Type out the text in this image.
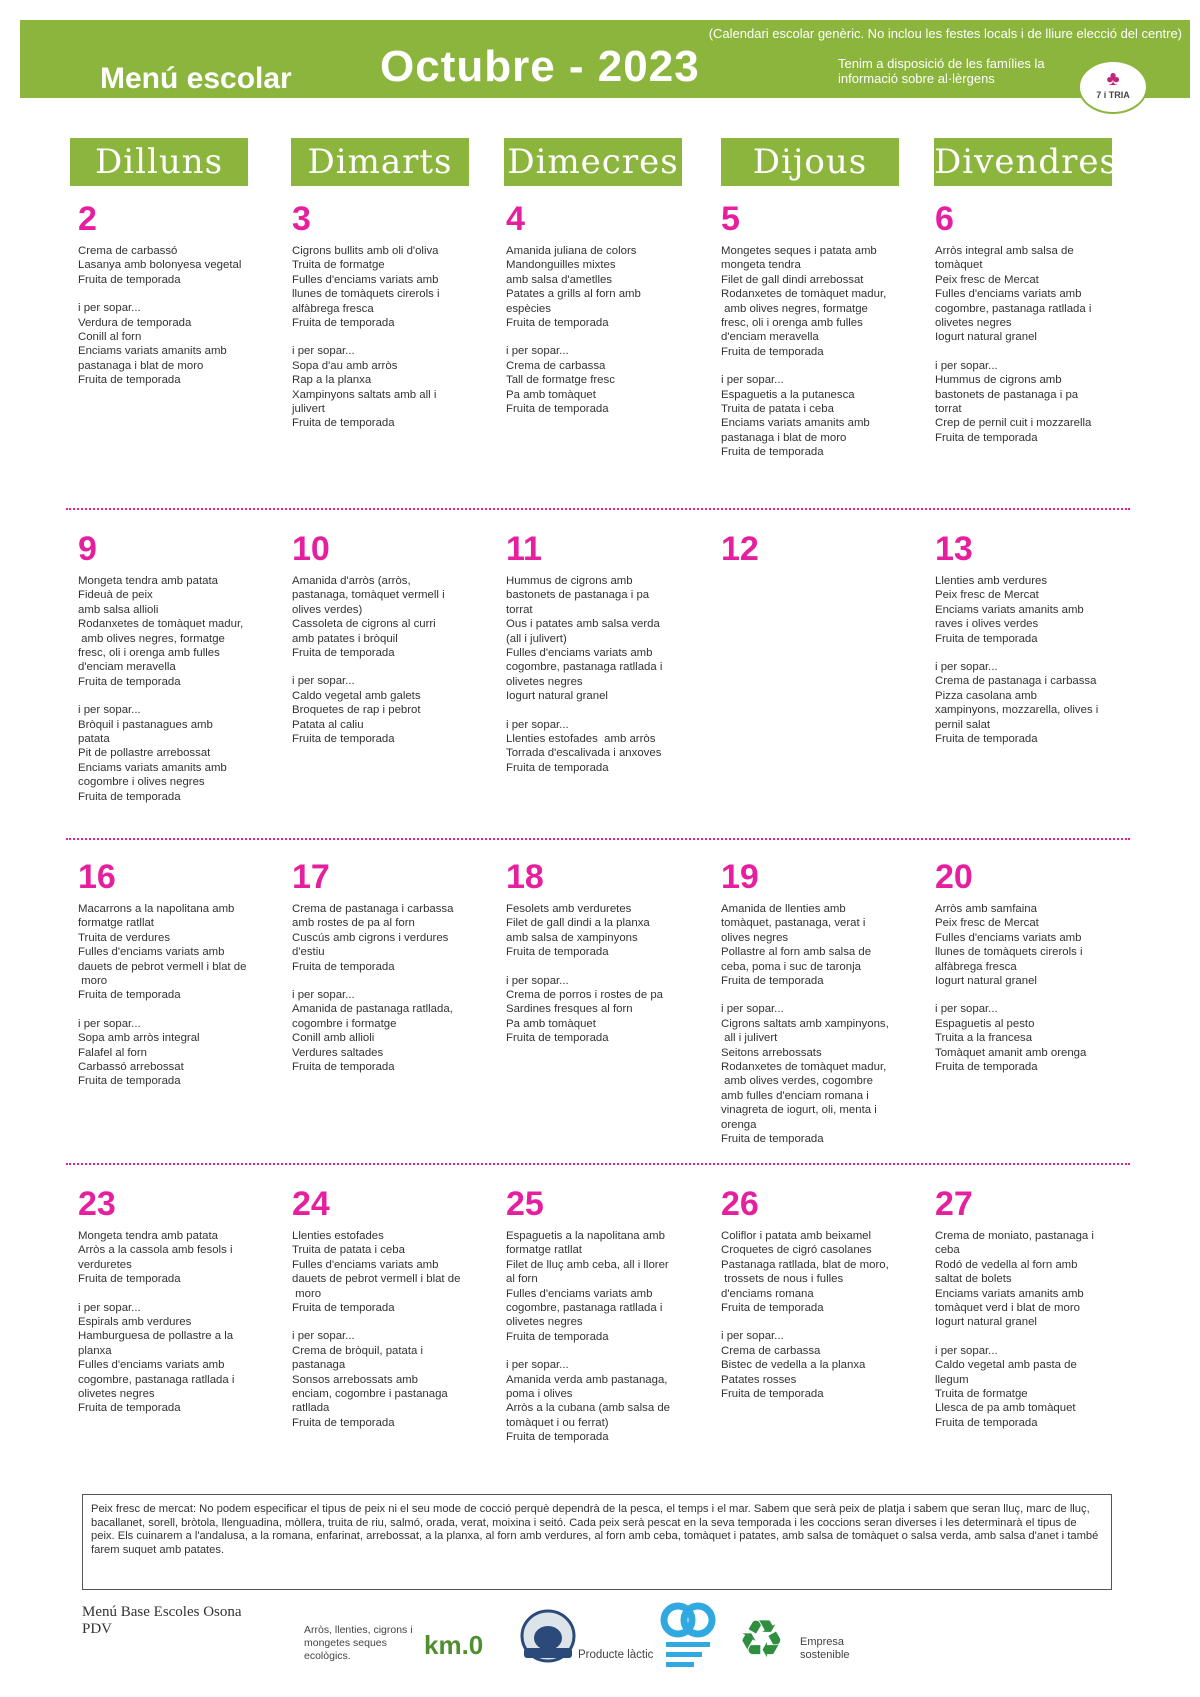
(Calendari escolar genèric. No inclou les festes locals i de lliure elecció del centre)
Menú escolar Octubre - 2023	Tenim a disposició de les famílies la informació sobre al·lèrgens	♣
7 i TRIA
Dilluns	Dimarts	Dimecres	Dijous	Divendres
2
Crema de carbassó
Lasanya amb bolonyesa vegetal
Fruita de temporada
i per sopar...
Verdura de temporada
Conill al forn
Enciams variats amanits amb
pastanaga i blat de moro
Fruita de temporada
3
Cigrons bullits amb oli d'oliva
Truita de formatge
Fulles d'enciams variats amb
llunes de tomàquets cirerols i
alfàbrega fresca
Fruita de temporada
i per sopar...
Sopa d'au amb arròs
Rap a la planxa
Xampinyons saltats amb all i
julivert
Fruita de temporada
4
Amanida juliana de colors
Mandonguilles mixtes
amb salsa d'ametlles
Patates a grills al forn amb
espècies
Fruita de temporada
i per sopar...
Crema de carbassa
Tall de formatge fresc
Pa amb tomàquet
Fruita de temporada
5
Mongetes seques i patata amb
mongeta tendra
Filet de gall dindi arrebossat
Rodanxetes de tomàquet madur,
amb olives negres, formatge
fresc, oli i orenga amb fulles
d'enciam meravella
Fruita de temporada
i per sopar...
Espaguetis a la putanesca
Truita de patata i ceba
Enciams variats amanits amb
pastanaga i blat de moro
Fruita de temporada
6
Arròs integral amb salsa de
tomàquet
Peix fresc de Mercat
Fulles d'enciams variats amb
cogombre, pastanaga ratllada i
olivetes negres
Iogurt natural granel
i per sopar...
Hummus de cigrons amb
bastonets de pastanaga i pa
torrat
Crep de pernil cuit i mozzarella
Fruita de temporada
9
Mongeta tendra amb patata
Fideuà de peix
amb salsa allioli
Rodanxetes de tomàquet madur,
amb olives negres, formatge
fresc, oli i orenga amb fulles
d'enciam meravella
Fruita de temporada
i per sopar...
Bròquil i pastanagues amb
patata
Pit de pollastre arrebossat
Enciams variats amanits amb
cogombre i olives negres
Fruita de temporada
10
Amanida d'arròs (arròs,
pastanaga, tomàquet vermell i
olives verdes)
Cassoleta de cigrons al curri
amb patates i bròquil
Fruita de temporada
i per sopar...
Caldo vegetal amb galets
Broquetes de rap i pebrot
Patata al caliu
Fruita de temporada
11
Hummus de cigrons amb
bastonets de pastanaga i pa
torrat
Ous i patates amb salsa verda
(all i julivert)
Fulles d'enciams variats amb
cogombre, pastanaga ratllada i
olivetes negres
Iogurt natural granel
i per sopar...
Llenties estofades  amb arròs
Torrada d'escalivada i anxoves
Fruita de temporada
12	13
Llenties amb verdures
Peix fresc de Mercat
Enciams variats amanits amb
raves i olives verdes
Fruita de temporada
i per sopar...
Crema de pastanaga i carbassa
Pizza casolana amb
xampinyons, mozzarella, olives i
pernil salat
Fruita de temporada
16
Macarrons a la napolitana amb
formatge ratllat
Truita de verdures
Fulles d'enciams variats amb
dauets de pebrot vermell i blat de
moro
Fruita de temporada
i per sopar...
Sopa amb arròs integral
Falafel al forn
Carbassó arrebossat
Fruita de temporada
17
Crema de pastanaga i carbassa
amb rostes de pa al forn
Cuscús amb cigrons i verdures
d'estiu
Fruita de temporada
i per sopar...
Amanida de pastanaga ratllada,
cogombre i formatge
Conill amb allioli
Verdures saltades
Fruita de temporada
18
Fesolets amb verduretes
Filet de gall dindi a la planxa
amb salsa de xampinyons
Fruita de temporada
i per sopar...
Crema de porros i rostes de pa
Sardines fresques al forn
Pa amb tomàquet
Fruita de temporada
19
Amanida de llenties amb
tomàquet, pastanaga, verat i
olives negres
Pollastre al forn amb salsa de
ceba, poma i suc de taronja
Fruita de temporada
i per sopar...
Cigrons saltats amb xampinyons,
all i julivert
Seitons arrebossats
Rodanxetes de tomàquet madur,
amb olives verdes, cogombre
amb fulles d'enciam romana i
vinagreta de iogurt, oli, menta i
orenga
Fruita de temporada
20
Arròs amb samfaina
Peix fresc de Mercat
Fulles d'enciams variats amb
llunes de tomàquets cirerols i
alfàbrega fresca
Iogurt natural granel
i per sopar...
Espaguetis al pesto
Truita a la francesa
Tomàquet amanit amb orenga
Fruita de temporada
23
Mongeta tendra amb patata
Arròs a la cassola amb fesols i
verduretes
Fruita de temporada
i per sopar...
Espirals amb verdures
Hamburguesa de pollastre a la
planxa
Fulles d'enciams variats amb
cogombre, pastanaga ratllada i
olivetes negres
Fruita de temporada
24
Llenties estofades
Truita de patata i ceba
Fulles d'enciams variats amb
dauets de pebrot vermell i blat de
moro
Fruita de temporada
i per sopar...
Crema de bròquil, patata i
pastanaga
Sonsos arrebossats amb
enciam, cogombre i pastanaga
ratllada
Fruita de temporada
25
Espaguetis a la napolitana amb
formatge ratllat
Filet de lluç amb ceba, all i llorer
al forn
Fulles d'enciams variats amb
cogombre, pastanaga ratllada i
olivetes negres
Fruita de temporada
i per sopar...
Amanida verda amb pastanaga,
poma i olives
Arròs a la cubana (amb salsa de
tomàquet i ou ferrat)
Fruita de temporada
26
Coliflor i patata amb beixamel
Croquetes de cigró casolanes
Pastanaga ratllada, blat de moro,
trossets de nous i fulles
d'enciams romana
Fruita de temporada
i per sopar...
Crema de carbassa
Bistec de vedella a la planxa
Patates rosses
Fruita de temporada
27
Crema de moniato, pastanaga i
ceba
Rodó de vedella al forn amb
saltat de bolets
Enciams variats amanits amb
tomàquet verd i blat de moro
Iogurt natural granel
i per sopar...
Caldo vegetal amb pasta de
llegum
Truita de formatge
Llesca de pa amb tomàquet
Fruita de temporada
Peix fresc de mercat: No podem especificar el tipus de peix ni el seu mode de cocció perquè dependrà de la pesca, el temps i el mar. Sabem que serà peix de platja i sabem que seran lluç, marc de lluç, bacallanet, sorell, bròtola, llenguadina, mòllera, truita de riu, salmó, orada, verat, moixina i seitó. Cada peix serà pescat en la seva temporada i les coccions seran diverses i les determinarà el tipus de peix. Els cuinarem a l'andalusa, a la romana, enfarinat, arrebossat, a la planxa, al forn amb verdures, al forn amb ceba, tomàquet i patates, amb salsa de tomàquet o salsa verda, amb salsa d'anet i també farem suquet amb patates.
Menú Base Escoles Osona
PDV	Arròs, llenties, cigrons i mongetes seques ecològics.	km.0	Producte làctic ♻ Empresa
sostenible
